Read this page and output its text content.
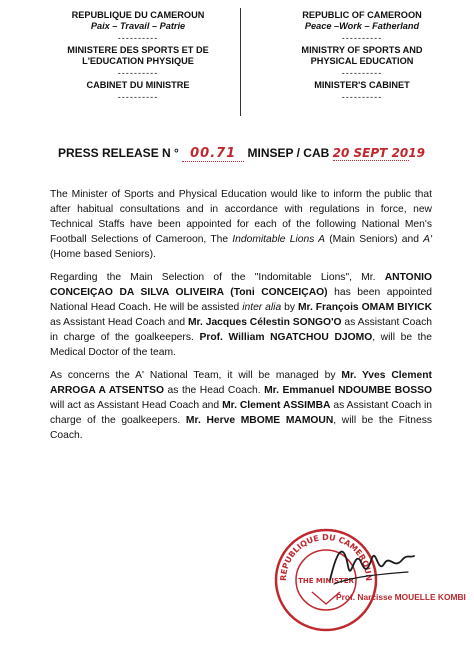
REPUBLIQUE DU CAMEROUN
Paix – Travail – Patrie
----------
MINISTERE DES SPORTS ET DE
L'EDUCATION PHYSIQUE
----------
CABINET DU MINISTRE
----------
REPUBLIC OF CAMEROON
Peace –Work – Fatherland
----------
MINISTRY OF SPORTS AND
PHYSICAL EDUCATION
----------
MINISTER'S CABINET
----------
PRESS RELEASE N ° 00.71 MINSEP / CAB 20 SEPT 2019

The Minister of Sports and Physical Education would like to inform the public that after habitual consultations and in accordance with regulations in force, new Technical Staffs have been appointed for each of the following National Men's Football Selections of Cameroon, The Indomitable Lions A (Main Seniors) and A' (Home based Seniors).

Regarding the Main Selection of the "Indomitable Lions", Mr. ANTONIO CONCEIÇAO DA SILVA OLIVEIRA (Toni CONCEIÇAO) has been appointed National Head Coach. He will be assisted inter alia by Mr. François OMAM BIYICK as Assistant Head Coach and Mr. Jacques Célestin SONGO'O as Assistant Coach in charge of the goalkeepers. Prof. William NGATCHOU DJOMO, will be the Medical Doctor of the team.

As concerns the A' National Team, it will be managed by Mr. Yves Clement ARROGA A ATSENTSO as the Head Coach. Mr. Emmanuel NDOUMBE BOSSO will act as Assistant Head Coach and Mr. Clement ASSIMBA as Assistant Coach in charge of the goalkeepers. Mr. Herve MBOME MAMOUN, will be the Fitness Coach.

REPUBLIQUE DU CAMEROUN
THE MINISTER
Prof. Narcisse MOUELLE KOMBI
